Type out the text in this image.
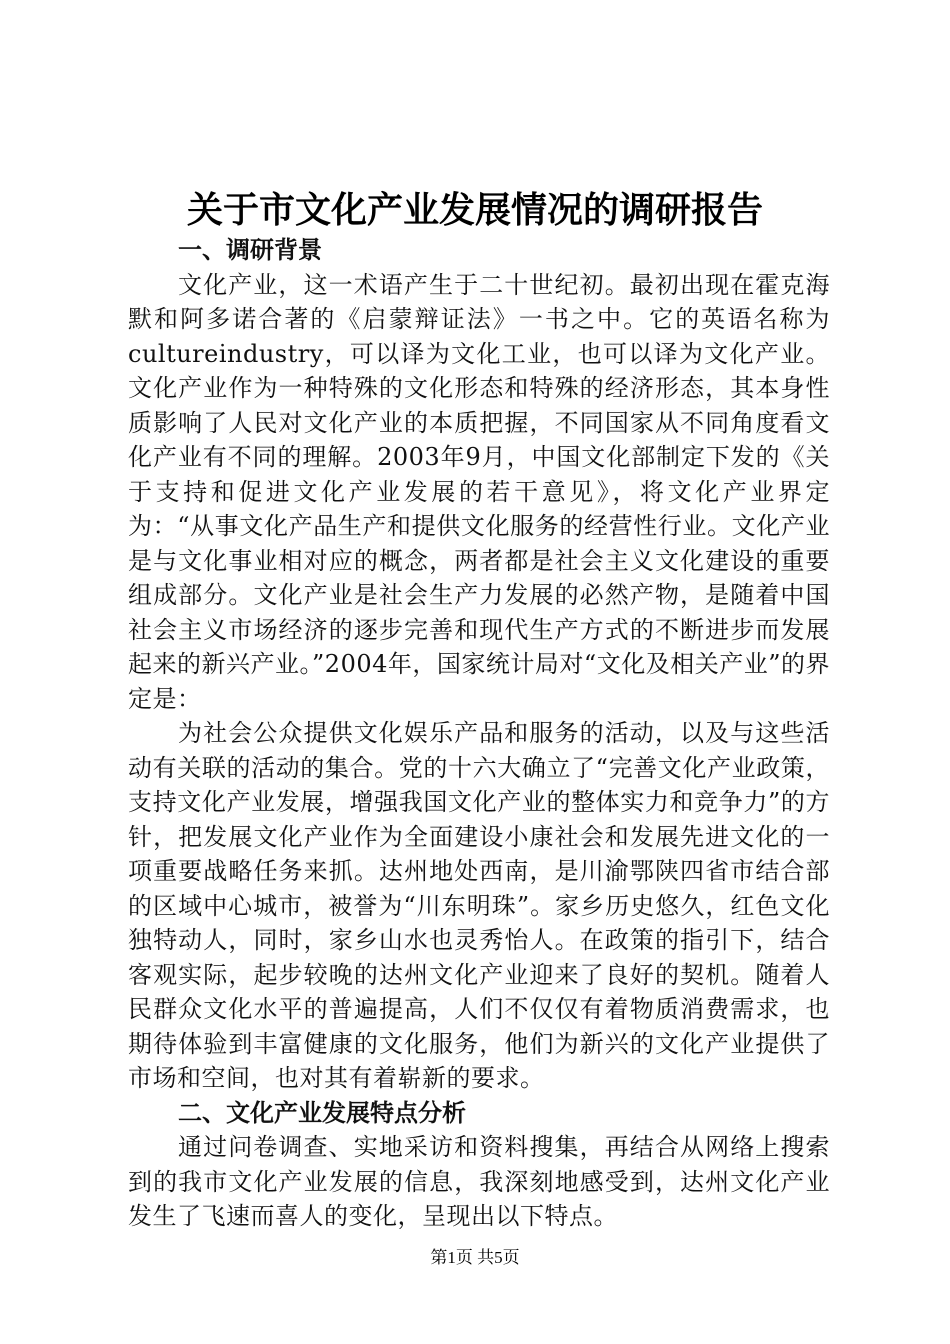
关于市文化产业发展情况的调研报告

一、调研背景

文化产业，这一术语产生于二十世纪初。最初出现在霍克海默和阿多诺合著的《启蒙辩证法》一书之中。它的英语名称为cultureindustry，可以译为文化工业，也可以译为文化产业。文化产业作为一种特殊的文化形态和特殊的经济形态，其本身性质影响了人民对文化产业的本质把握，不同国家从不同角度看文化产业有不同的理解。2003年9月，中国文化部制定下发的《关于支持和促进文化产业发展的若干意见》，将文化产业界定为：“从事文化产品生产和提供文化服务的经营性行业。文化产业是与文化事业相对应的概念，两者都是社会主义文化建设的重要组成部分。文化产业是社会生产力发展的必然产物，是随着中国社会主义市场经济的逐步完善和现代生产方式的不断进步而发展起来的新兴产业。”2004年，国家统计局对“文化及相关产业”的界定是：

为社会公众提供文化娱乐产品和服务的活动，以及与这些活动有关联的活动的集合。党的十六大确立了“完善文化产业政策，支持文化产业发展，增强我国文化产业的整体实力和竞争力”的方针，把发展文化产业作为全面建设小康社会和发展先进文化的一项重要战略任务来抓。达州地处西南，是川渝鄂陕四省市结合部的区域中心城市，被誉为“川东明珠”。家乡历史悠久，红色文化独特动人，同时，家乡山水也灵秀怡人。在政策的指引下，结合客观实际，起步较晚的达州文化产业迎来了良好的契机。随着人民群众文化水平的普遍提高，人们不仅仅有着物质消费需求，也期待体验到丰富健康的文化服务，他们为新兴的文化产业提供了市场和空间，也对其有着崭新的要求。

二、文化产业发展特点分析

通过问卷调查、实地采访和资料搜集，再结合从网络上搜索到的我市文化产业发展的信息，我深刻地感受到，达州文化产业发生了飞速而喜人的变化，呈现出以下特点。

第1页 共5页
